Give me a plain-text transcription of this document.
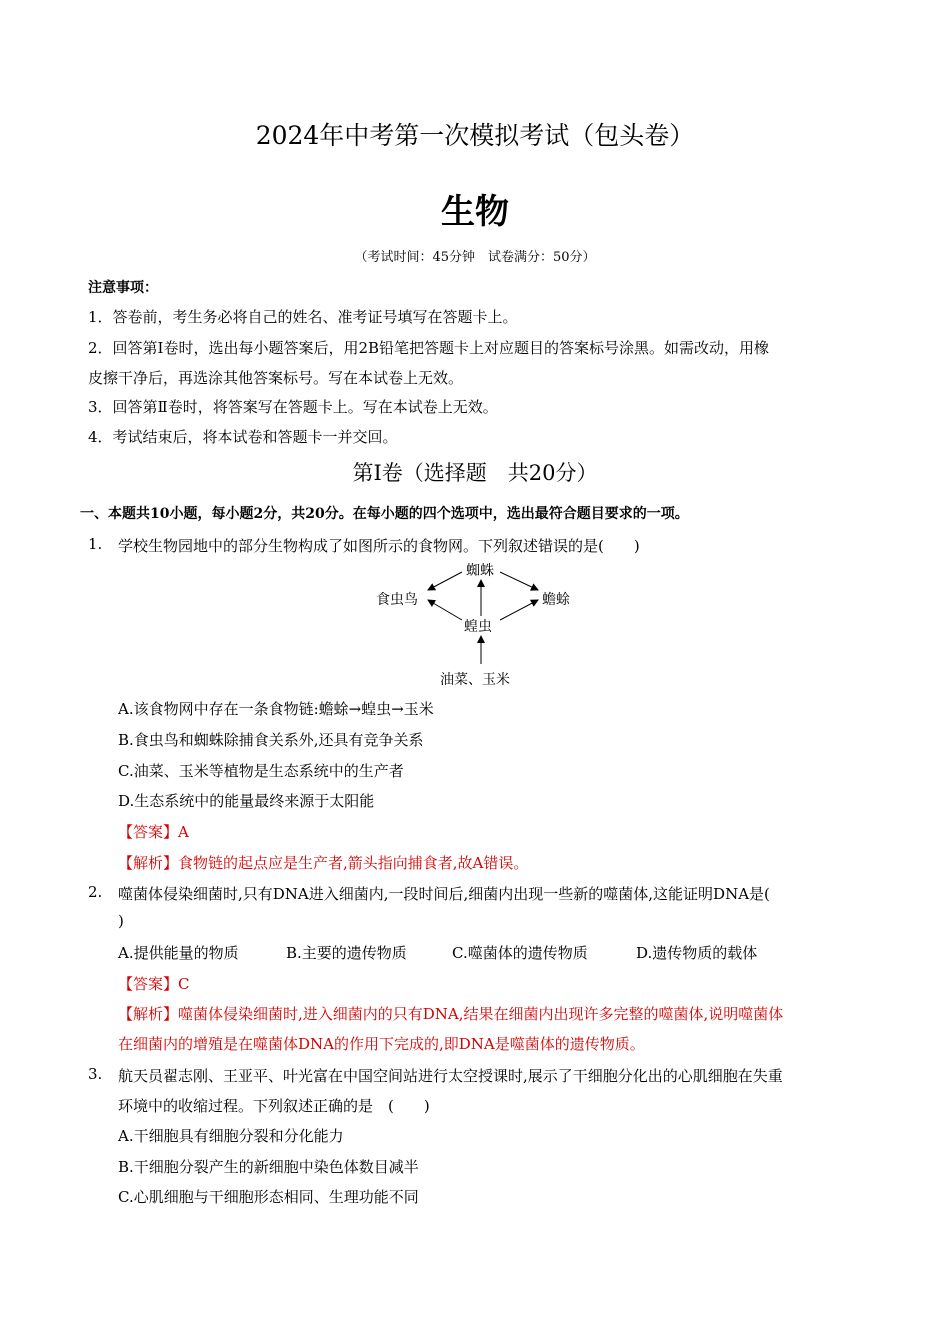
2024年中考第一次模拟考试（包头卷）
生物
（考试时间：45分钟　试卷满分：50分）
注意事项：
1．答卷前，考生务必将自己的姓名、准考证号填写在答题卡上。
2．回答第Ⅰ卷时，选出每小题答案后，用2B铅笔把答题卡上对应题目的答案标号涂黑。如需改动，用橡
皮擦干净后，再选涂其他答案标号。写在本试卷上无效。
3．回答第Ⅱ卷时，将答案写在答题卡上。写在本试卷上无效。
4．考试结束后，将本试卷和答题卡一并交回。
第Ⅰ卷（选择题　共20分）
一、本题共10小题，每小题2分，共20分。在每小题的四个选项中，选出最符合题目要求的一项。
1. 学校生物园地中的部分生物构成了如图所示的食物网。下列叙述错误的是(　　)
蜘蛛
食虫鸟	蟾蜍
蝗虫
油菜、玉米
A.该食物网中存在一条食物链:蟾蜍→蝗虫→玉米
B.食虫鸟和蜘蛛除捕食关系外,还具有竞争关系
C.油菜、玉米等植物是生态系统中的生产者
D.生态系统中的能量最终来源于太阳能
【答案】A
【解析】食物链的起点应是生产者,箭头指向捕食者,故A错误。
2. 噬菌体侵染细菌时,只有DNA进入细菌内,一段时间后,细菌内出现一些新的噬菌体,这能证明DNA是(
)
A.提供能量的物质	B.主要的遗传物质	C.噬菌体的遗传物质	D.遗传物质的载体
【答案】C
【解析】噬菌体侵染细菌时,进入细菌内的只有DNA,结果在细菌内出现许多完整的噬菌体,说明噬菌体
在细菌内的增殖是在噬菌体DNA的作用下完成的,即DNA是噬菌体的遗传物质。
3. 航天员翟志刚、王亚平、叶光富在中国空间站进行太空授课时,展示了干细胞分化出的心肌细胞在失重
环境中的收缩过程。下列叙述正确的是　(　　)
A.干细胞具有细胞分裂和分化能力
B.干细胞分裂产生的新细胞中染色体数目减半
C.心肌细胞与干细胞形态相同、生理功能不同
